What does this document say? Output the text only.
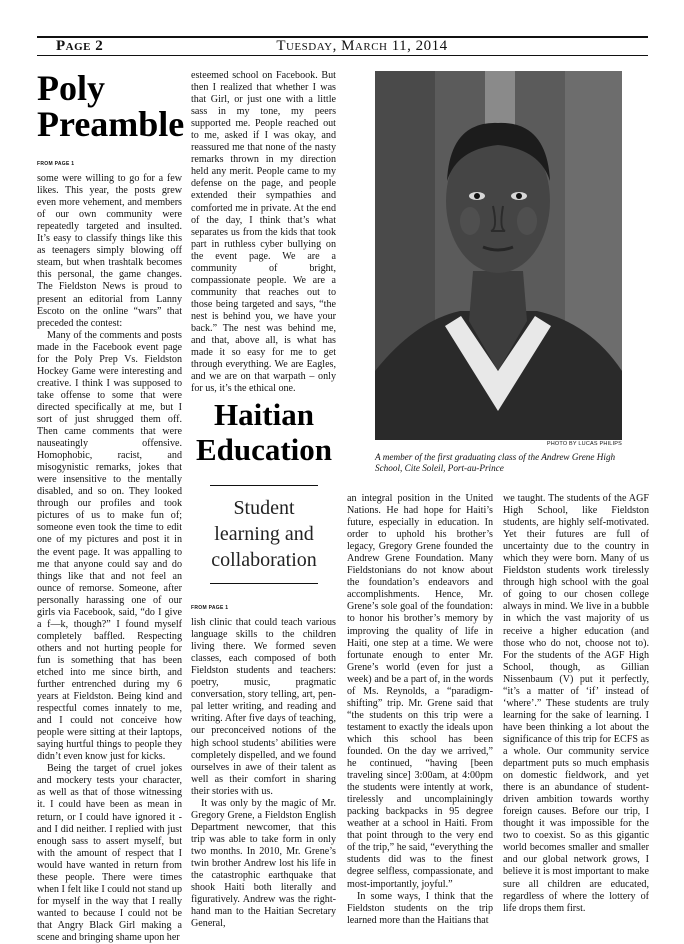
Page 2	Tuesday, March 11, 2014
Poly
Preamble
FROM PAGE 1

some were willing to go for a few likes. This year, the posts grew even more vehement, and members of our own community were repeatedly targeted and insulted. It’s easy to classify things like this as teenagers simply blowing off steam, but when trashtalk becomes this personal, the game changes. The Fieldston News is proud to present an editorial from Lanny Escoto on the online “wars” that preceded the contest:

Many of the comments and posts made in the Facebook event page for the Poly Prep Vs. Fieldston Hockey Game were interesting and creative. I think I was supposed to take offense to some that were directed specifically at me, but I sort of just shrugged them off. Then came comments that were nauseatingly offensive. Homophobic, racist, and misogynistic remarks, jokes that were insensitive to the mentally disabled, and so on. They looked through our profiles and took pictures of us to make fun of; someone even took the time to edit one of my pictures and post it in the event page. It was appalling to me that anyone could say and do things like that and not feel an ounce of remorse. Someone, after personally harassing one of our girls via Facebook, said, “do I give a f—k, though?” I found myself completely baffled. Respecting others and not hurting people for fun is something that has been etched into me since birth, and further entrenched during my 6 years at Fieldston. Being kind and respectful comes innately to me, and I could not conceive how people were sitting at their laptops, saying hurtful things to people they didn’t even know just for kicks.

Being the target of cruel jokes and mockery tests your character, as well as that of those witnessing it. I could have been as mean in return, or I could have ignored it - and I did neither. I replied with just enough sass to assert myself, but with the amount of respect that I would have wanted in return from these people. There were times when I felt like I could not stand up for myself in the way that I really wanted to because I could not be that Angry Black Girl making a scene and bringing shame upon her

esteemed school on Facebook. But then I realized that whether I was that Girl, or just one with a little sass in my tone, my peers supported me. People reached out to me, asked if I was okay, and reassured me that none of the nasty remarks thrown in my direction held any merit. People came to my defense on the page, and people extended their sympathies and comforted me in private. At the end of the day, I think that’s what separates us from the kids that took part in ruthless cyber bullying on the event page. We are a community of bright, compassionate people. We are a community that reaches out to those being targeted and says, “the nest is behind you, we have your back.” The nest was behind me, and that, above all, is what has made it so easy for me to get through everything. We are Eagles, and we are on that warpath – only for us, it’s the ethical one.

Haitian
Education
Student
learning and
collaboration
FROM PAGE 1

lish clinic that could teach various language skills to the children living there. We formed seven classes, each composed of both Fieldston students and teachers: poetry, music, pragmatic conversation, story telling, art, pen-pal letter writing, and reading and writing. After five days of teaching, our preconceived notions of the high school students’ abilities were completely dispelled, and we found ourselves in awe of their talent as well as their comfort in sharing their stories with us.

It was only by the magic of Mr. Gregory Grene, a Fieldston English Department newcomer, that this trip was able to take form in only two months. In 2010, Mr. Grene’s twin brother Andrew lost his life in the catastrophic earthquake that shook Haiti both literally and figuratively. Andrew was the right-hand man to the Haitian Secretary General,

PHOTO BY LUCAS PHILIPS
A member of the first graduating class of the Andrew Grene High School, Cite Soleil, Port-au-Prince

an integral position in the United Nations. He had hope for Haiti’s future, especially in education. In order to uphold his brother’s legacy, Gregory Grene founded the Andrew Grene Foundation. Many Fieldstonians do not know about the foundation’s endeavors and accomplishments. Hence, Mr. Grene’s sole goal of the foundation: to honor his brother’s memory by improving the quality of life in Haiti, one step at a time. We were fortunate enough to enter Mr. Grene’s world (even for just a week) and be a part of, in the words of Ms. Reynolds, a “paradigm-shifting” trip. Mr. Grene said that “the students on this trip were a testament to exactly the ideals upon which this school has been founded. On the day we arrived,” he continued, “having [been traveling since] 3:00am, at 4:00pm the students were intently at work, tirelessly and uncomplainingly packing backpacks in 95 degree weather at a school in Haiti. From that point through to the very end of the trip,” he said, “everything the students did was to the finest degree selfless, compassionate, and most-importantly, joyful.”

In some ways, I think that the Fieldston students on the trip learned more than the Haitians that

we taught. The students of the AGF High School, like Fieldston students, are highly self-motivated. Yet their futures are full of uncertainty due to the country in which they were born. Many of us Fieldston students work tirelessly through high school with the goal of going to our chosen college always in mind. We live in a bubble in which the vast majority of us receive a higher education (and those who do not, choose not to). For the students of the AGF High School, though, as Gillian Nissenbaum (V) put it perfectly, “it’s a matter of ‘if’ instead of ‘where’.” These students are truly learning for the sake of learning. I have been thinking a lot about the significance of this trip for ECFS as a whole. Our community service department puts so much emphasis on domestic fieldwork, and yet there is an abundance of student-driven ambition towards worthy foreign causes. Before our trip, I thought it was impossible for the two to coexist. So as this gigantic world becomes smaller and smaller and our global network grows, I believe it is most important to make sure all children are educated, regardless of where the lottery of life drops them first.
